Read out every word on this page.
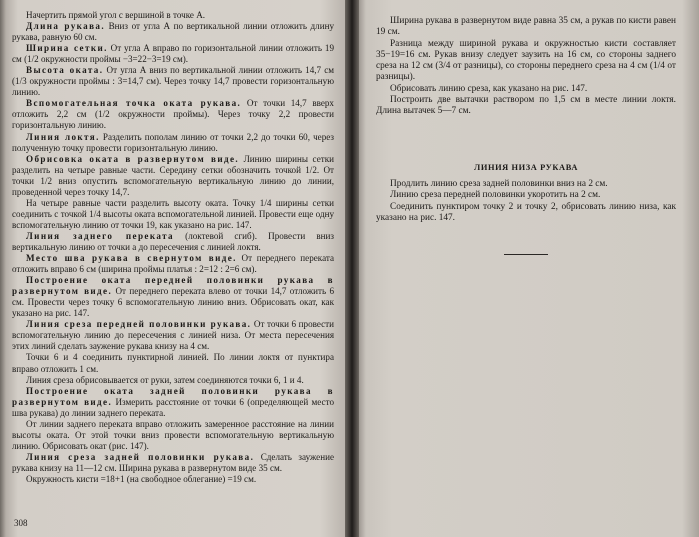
Начертить прямой угол с вершиной в точке А.

Длина рукава. Вниз от угла А по вертикальной линии отложить длину рукава, равную 60 см.

Ширина сетки. От угла А вправо по горизонтальной линии отложить 19 см (1/2 окружности проймы −3=22−3=19 см).

Высота оката. От угла А вниз по вертикальной линии отложить 14,7 см (1/3 окружности проймы : 3=14,7 см). Через точку 14,7 провести горизонтальную линию.

Вспомогательная точка оката рукава. От точки 14,7 вверх отложить 2,2 см (1/2 окружности проймы). Через точку 2,2 провести горизонтальную линию.

Линия локтя. Разделить пополам линию от точки 2,2 до точки 60, через полученную точку провести горизонтальную линию.

Обрисовка оката в развернутом виде. Линию ширины сетки разделить на четыре равные части. Середину сетки обозначить точкой 1/2. От точки 1/2 вниз опустить вспомогательную вертикальную линию до линии, проведенной через точку 14,7.

На четыре равные части разделить высоту оката. Точку 1/4 ширины сетки соединить с точкой 1/4 высоты оката вспомогательной линией. Провести еще одну вспомогательную линию от точки 19, как указано на рис. 147.

Линия заднего переката (локтевой сгиб). Провести вниз вертикальную линию от точки a до пересечения с линией локтя.

Место шва рукава в свернутом виде. От переднего переката отложить вправо 6 см (ширина проймы платья : 2=12 : 2=6 см).

Построение оката передней половинки рукава в развернутом виде. От переднего переката влево от точки 14,7 отложить 6 см. Провести через точку 6 вспомогательную линию вниз. Обрисовать окат, как указано на рис. 147.

Линия среза передней половинки рукава. От точки 6 провести вспомогательную линию до пересечения с линией низа. От места пересечения этих линий сделать заужение рукава книзу на 4 см.

Точки 6 и 4 соединить пунктирной линией. По линии локтя от пунктира вправо отложить 1 см.

Линия среза обрисовывается от руки, затем соединяются точки 6, 1 и 4.

Построение оката задней половинки рукава в развернутом виде. Измерить расстояние от точки 6 (определяющей место шва рукава) до линии заднего переката.

От линии заднего переката вправо отложить замеренное расстояние на линии высоты оката. От этой точки вниз провести вспомогательную вертикальную линию. Обрисовать окат (рис. 147).

Линия среза задней половинки рукава. Сделать заужение рукава книзу на 11—12 см. Ширина рукава в развернутом виде 35 см.

Окружность кисти =18+1 (на свободное облегание) =19 см.

308

Ширина рукава в развернутом виде равна 35 см, а рукав по кисти равен 19 см.

Разница между шириной рукава и окружностью кисти составляет 35−19=16 см. Рукав внизу следует заузить на 16 см, со стороны заднего среза на 12 см (3/4 от разницы), со стороны переднего среза на 4 см (1/4 от разницы).

Обрисовать линию среза, как указано на рис. 147.

Построить две вытачки раствором по 1,5 см в месте линии локтя. Длина вытачек 5—7 см.

ЛИНИЯ НИЗА РУКАВА

Продлить линию среза задней половинки вниз на 2 см.

Линию среза передней половинки укоротить на 2 см.

Соединить пунктиром точку 2 и точку 2, обрисовать линию низа, как указано на рис. 147.
